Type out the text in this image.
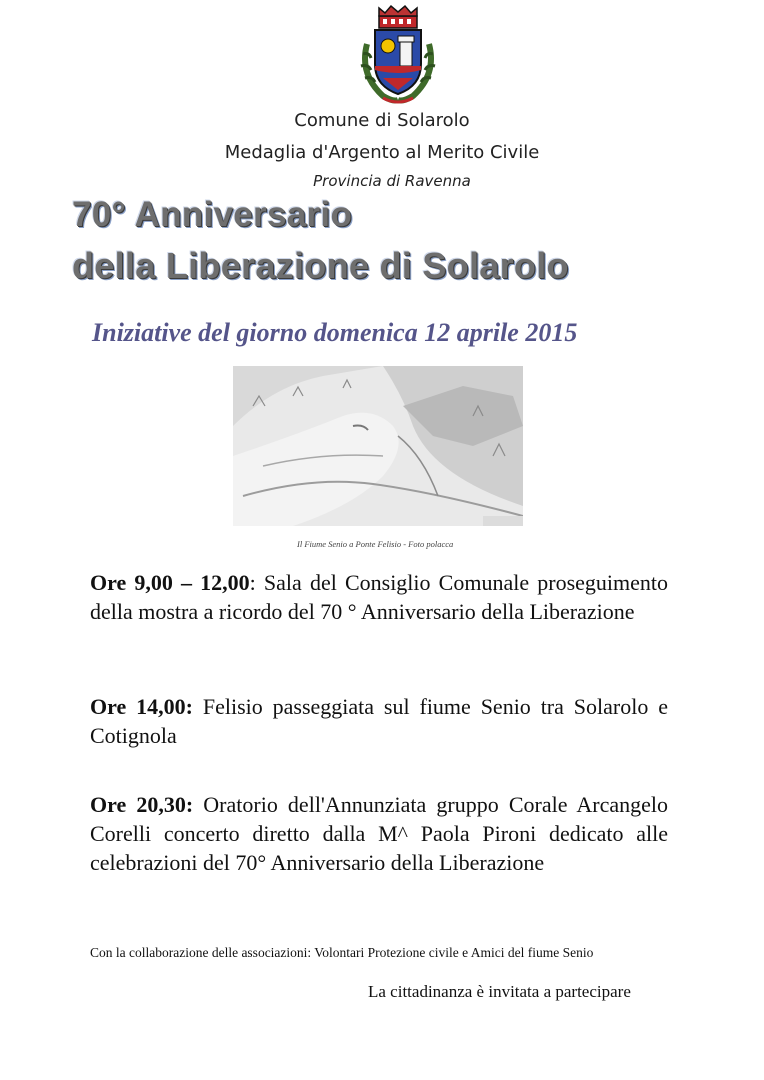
Comune di Solarolo

Medaglia d'Argento al Merito Civile

Provincia di Ravenna

70° Anniversario

della Liberazione di Solarolo

Iniziative del giorno domenica 12 aprile 2015

Il Fiume Senio a Ponte Felisio - Foto polacca

Ore 9,00 – 12,00: Sala del Consiglio Comunale proseguimento della mostra a ricordo del 70 ° Anniversario della Liberazione

Ore 14,00: Felisio passeggiata sul fiume Senio tra Solarolo e Cotignola

Ore 20,30: Oratorio dell'Annunziata gruppo Corale Arcangelo Corelli concerto diretto dalla M^ Paola Pironi dedicato alle celebrazioni del 70° Anniversario della Liberazione

Con la collaborazione delle associazioni: Volontari Protezione civile e Amici del fiume Senio

La cittadinanza è invitata a partecipare
